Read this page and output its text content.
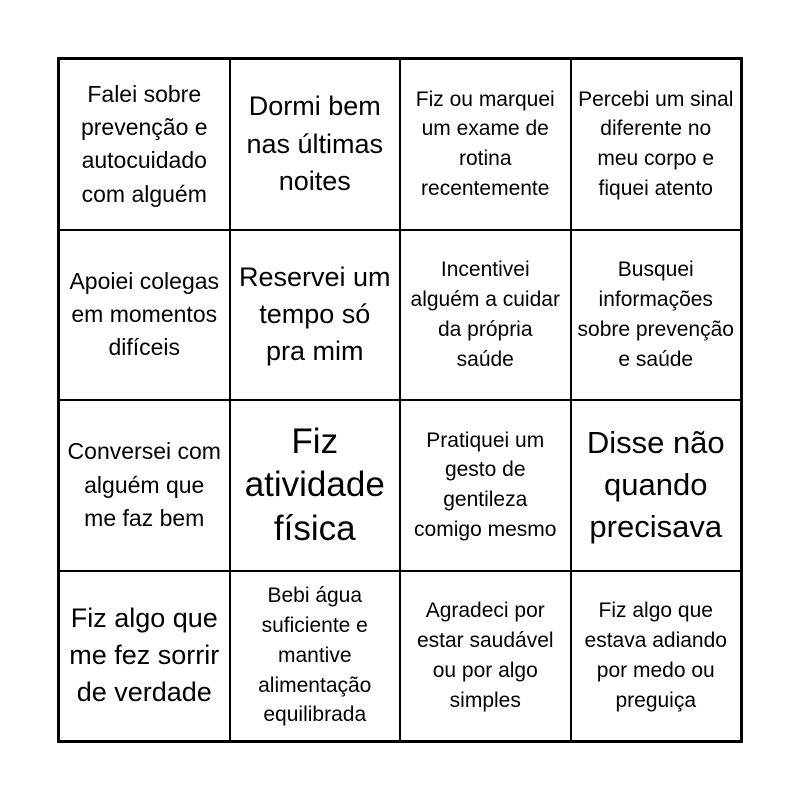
Falei sobre prevenção e autocuidado com alguém
Dormi bem nas últimas noites
Fiz ou marquei um exame de rotina recentemente
Percebi um sinal diferente no meu corpo e fiquei atento
Apoiei colegas em momentos difíceis
Reservei um tempo só pra mim
Incentivei alguém a cuidar da própria saúde
Busquei informações sobre prevenção e saúde
Conversei com alguém que me faz bem
Fiz atividade física
Pratiquei um gesto de gentileza comigo mesmo
Disse não quando precisava
Fiz algo que me fez sorrir de verdade
Bebi água suficiente e mantive alimentação equilibrada
Agradeci por estar saudável ou por algo simples
Fiz algo que estava adiando por medo ou preguiça
